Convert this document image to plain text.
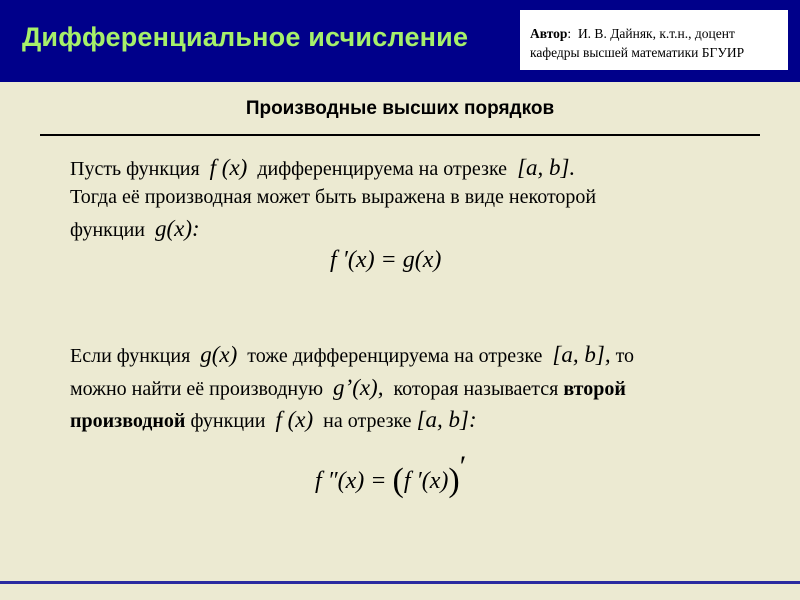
Дифференциальное исчисление	Автор:  И. В. Дайняк, к.т.н., доцент
кафедры высшей математики БГУИР
Производные высших порядков
Пусть функция f (x) дифференцируема на отрезке [a, b].
Тогда её производная может быть выражена в виде некоторой
функции g(x):
f ′(x) = g(x)
Если функция g(x) тоже дифференцируема на отрезке [a, b], то
можно найти её производную g’(x), которая называется второй
производной функции f (x) на отрезке [a, b]:
f ″(x) = (f ′(x))′
